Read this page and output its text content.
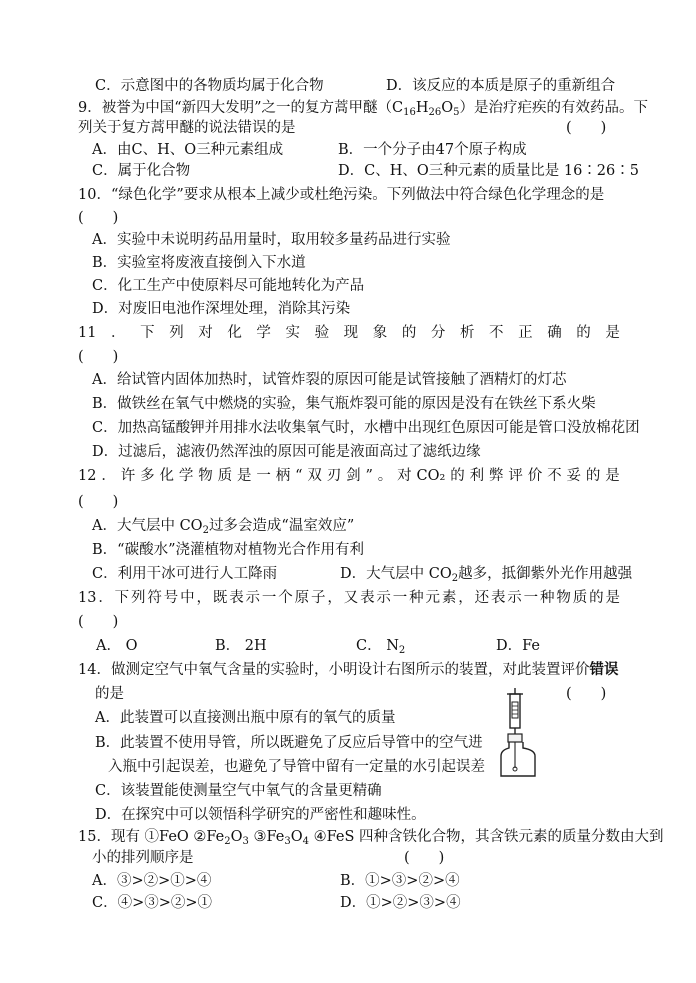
C．示意图中的各物质均属于化合物	D．该反应的本质是原子的重新组合
9．被誉为中国“新四大发明”之一的复方蒿甲醚$(C_{16}H_{26}O_5)$是治疗疟疾的有效药品。下
列关于复方蒿甲醚的说法错误的是	(　　)
A．由C、H、O三种元素组成	B．一个分子由47个原子构成
C．属于化合物	D．C、H、O三种元素的质量比是 16∶26∶5
10．“绿色化学”要求从根本上减少或杜绝污染。下列做法中符合绿色化学理念的是
(　　)
A．实验中未说明药品用量时，取用较多量药品进行实验
B．实验室将废液直接倒入下水道
C．化工生产中使原料尽可能地转化为产品
D．对废旧电池作深埋处理，消除其污染
11 ． 下 列 对 化 学 实 验 现 象 的 分 析 不 正 确 的 是
(　　)
A．给试管内固体加热时，试管炸裂的原因可能是试管接触了酒精灯的灯芯
B．做铁丝在氧气中燃烧的实验，集气瓶炸裂可能的原因是没有在铁丝下系火柴
C．加热高锰酸钾并用排水法收集氧气时，水槽中出现红色原因可能是管口没放棉花团
D．过滤后，滤液仍然浑浊的原因可能是液面高过了滤纸边缘
12 ． 许 多 化 学 物 质 是 一 柄 “ 双 刃 剑 ” 。 对 CO₂ 的 利 弊 评 价 不 妥 的 是
(　　)
A．大气层中 $CO_2$过多会造成“温室效应”
B．“碳酸水”浇灌植物对植物光合作用有利
C．利用干冰可进行人工降雨	D．大气层中 $CO_2$越多，抵御紫外光作用越强
13 ． 下 列 符 号 中 ， 既 表 示 一 个 原 子 ， 又 表 示 一 种 元 素 ， 还 表 示 一 种 物 质 的 是
(　　)
A． O	B． 2H	C． $N_2$	D．Fe
14．做测定空气中氧气含量的实验时，小明设计右图所示的装置，对此装置评价错误
的是	(　　)
A．此装置可以直接测出瓶中原有的氧气的质量
B．此装置不使用导管，所以既避免了反应后导管中的空气进
入瓶中引起误差，也避免了导管中留有一定量的水引起误差
C．该装置能使测量空气中氧气的含量更精确
D．在探究中可以领悟科学研究的严密性和趣味性。
15．现有 ①FeO $②Fe_2O_3$ $③Fe_3O_4$ ④FeS 四种含铁化合物，其含铁元素的质量分数由大到
小的排列顺序是	(　　)
A．③>②>①>④	B．①>③>②>④
C．④>③>②>①	D．①>②>③>④
